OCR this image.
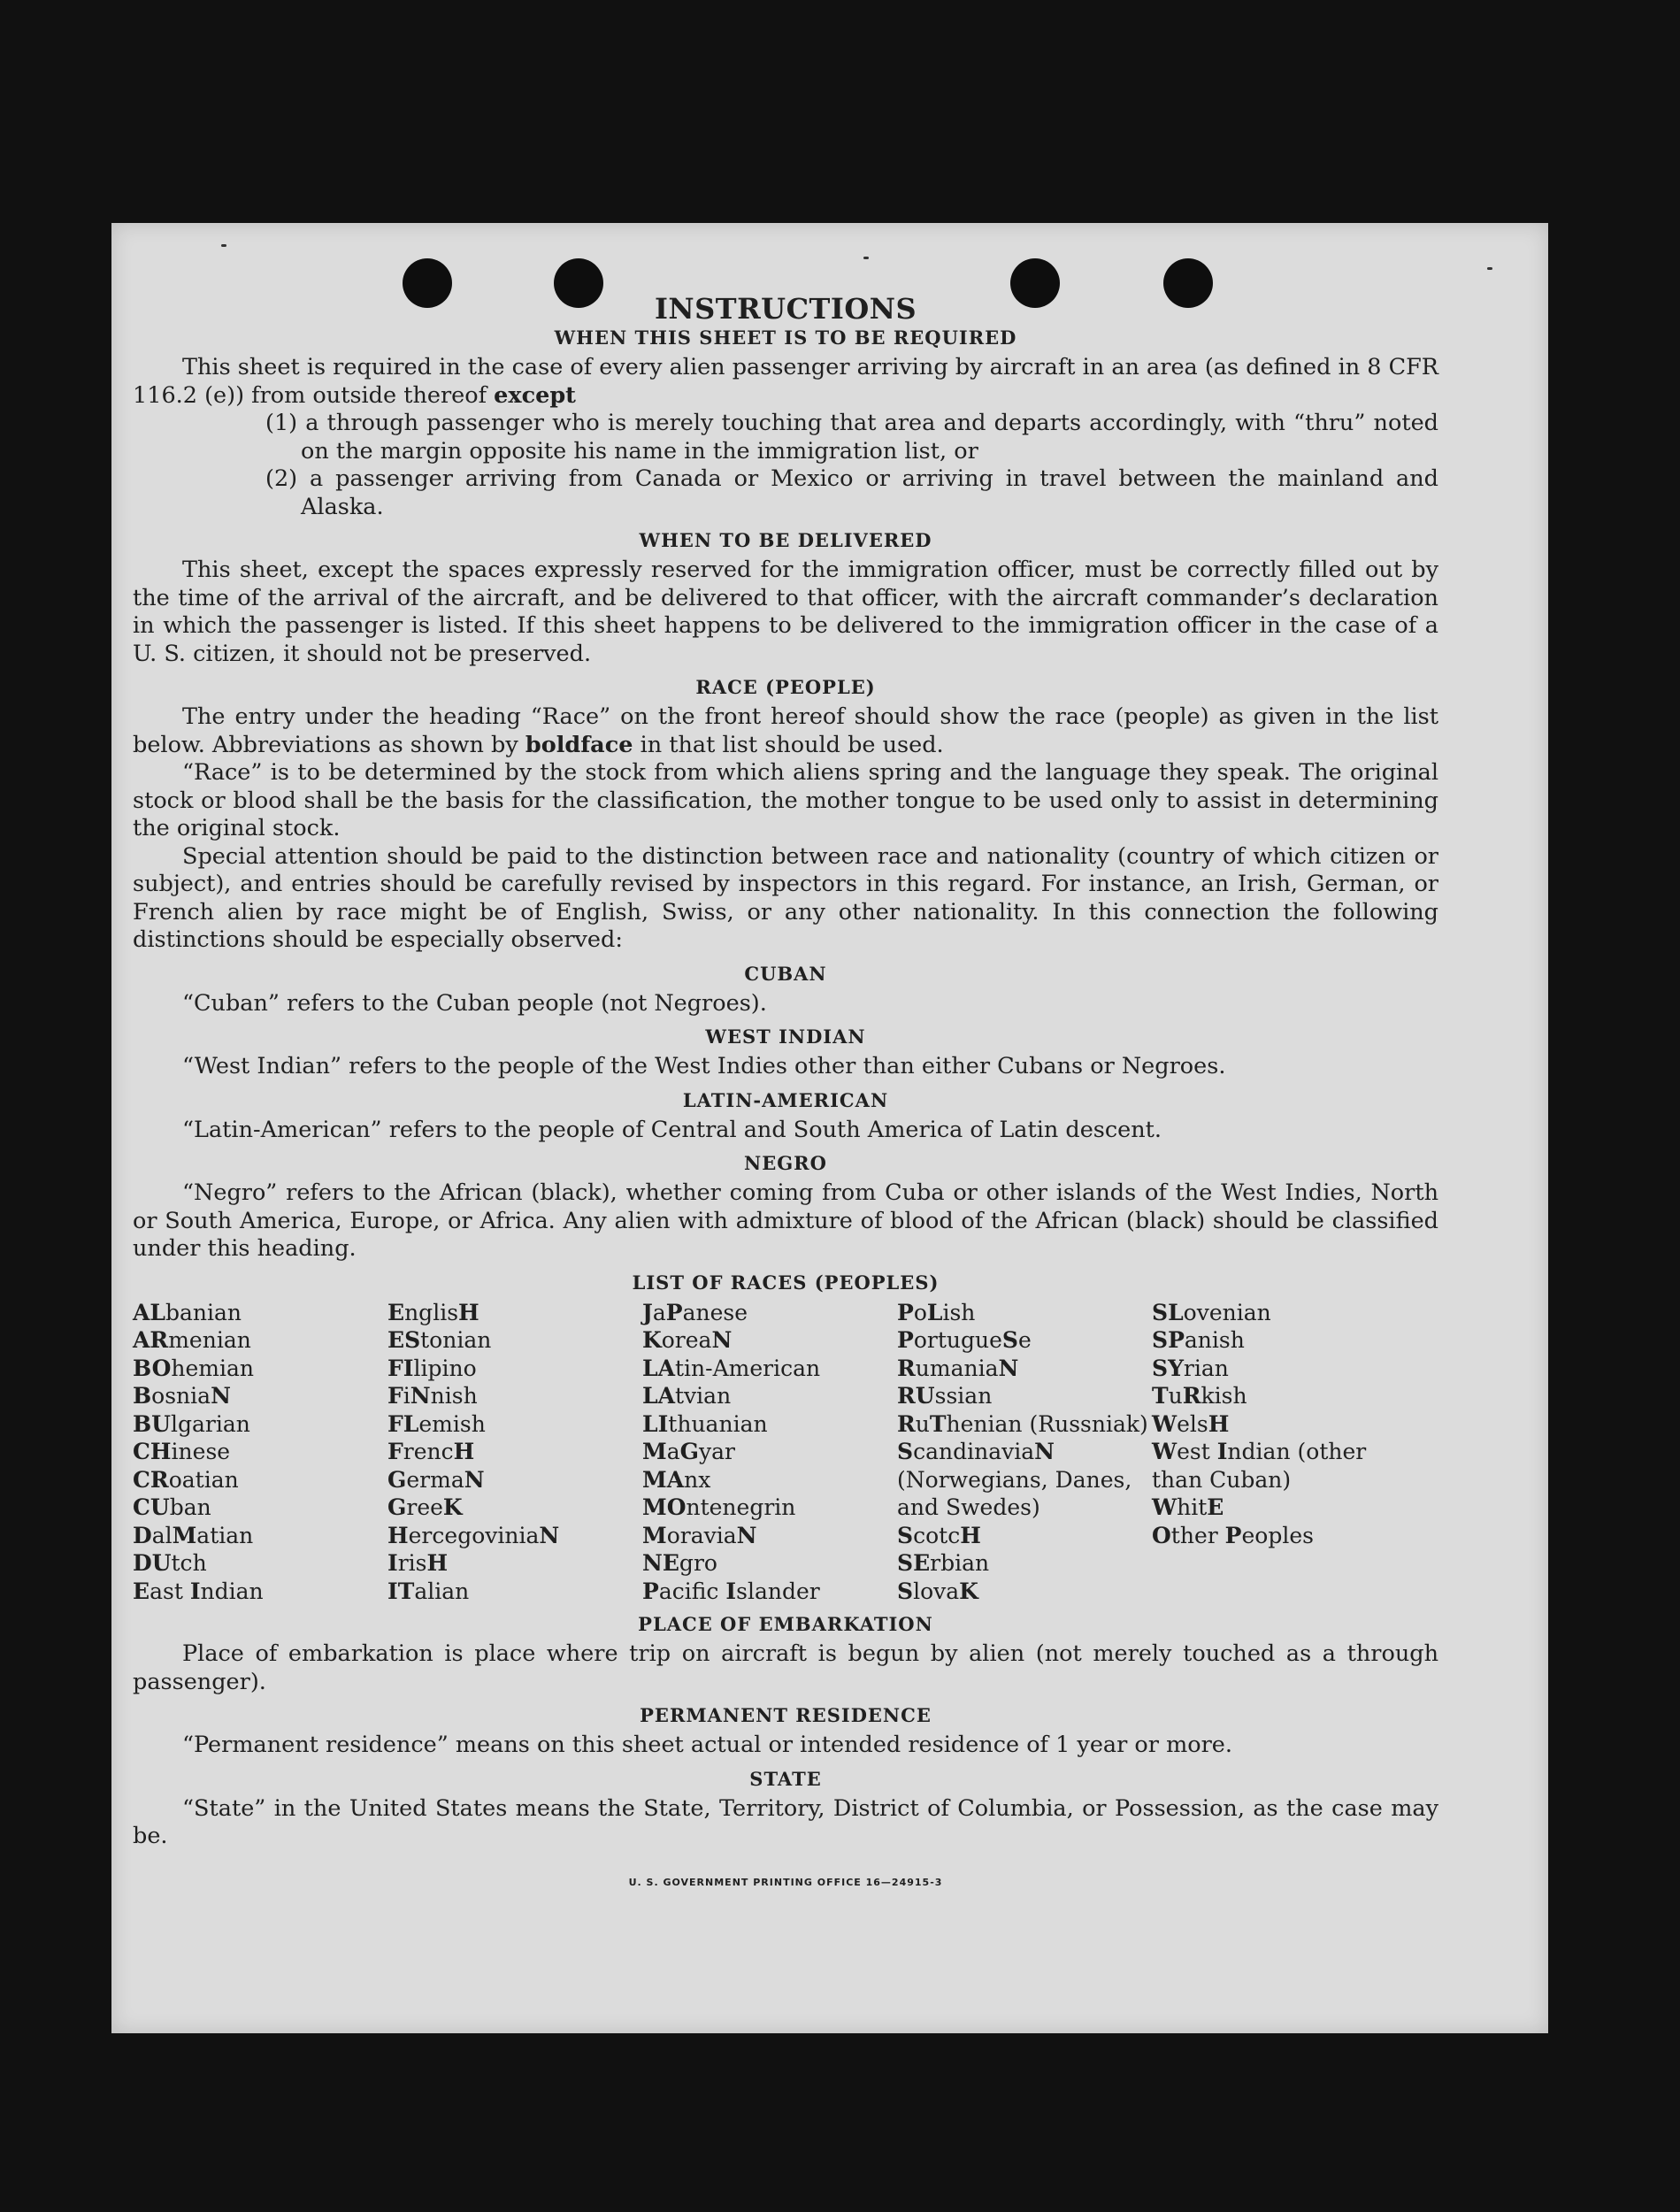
INSTRUCTIONS
WHEN THIS SHEET IS TO BE REQUIRED

This sheet is required in the case of every alien passenger arriving by aircraft in an area (as defined in 8 CFR 116.2 (e)) from outside thereof except

(1) a through passenger who is merely touching that area and departs accordingly, with “thru” noted on the margin opposite his name in the immigration list, or

(2) a passenger arriving from Canada or Mexico or arriving in travel between the mainland and Alaska.

WHEN TO BE DELIVERED

This sheet, except the spaces expressly reserved for the immigration officer, must be correctly filled out by the time of the arrival of the aircraft, and be delivered to that officer, with the aircraft commander’s declaration in which the passenger is listed. If this sheet happens to be delivered to the immigration officer in the case of a U. S. citizen, it should not be preserved.

RACE (PEOPLE)

The entry under the heading “Race” on the front hereof should show the race (people) as given in the list below. Abbreviations as shown by boldface in that list should be used.

“Race” is to be determined by the stock from which aliens spring and the language they speak. The original stock or blood shall be the basis for the classification, the mother tongue to be used only to assist in determining the original stock.

Special attention should be paid to the distinction between race and nationality (country of which citizen or subject), and entries should be carefully revised by inspectors in this regard. For instance, an Irish, German, or French alien by race might be of English, Swiss, or any other nationality. In this connection the following distinctions should be especially observed:

CUBAN

“Cuban” refers to the Cuban people (not Negroes).

WEST INDIAN

“West Indian” refers to the people of the West Indies other than either Cubans or Negroes.

LATIN-AMERICAN

“Latin-American” refers to the people of Central and South America of Latin descent.

NEGRO

“Negro” refers to the African (black), whether coming from Cuba or other islands of the West Indies, North or South America, Europe, or Africa. Any alien with admixture of blood of the African (black) should be classified under this heading.

LIST OF RACES (PEOPLES)
ALbanian
ARmenian
BOhemian
BosniaN
BUlgarian
CHinese
CRoatian
CUban
DalMatian
DUtch
East Indian
EnglisH
EStonian
FIlipino
FiNnish
FLemish
FrencH
GermaN
GreeK
HercegoviniaN
IrisH
ITalian
JaPanese
KoreaN
LAtin-American
LAtvian
LIthuanian
MaGyar
MAnx
MOntenegrin
MoraviaN
NEgro
Pacifc Islander
PoLish
PortugueSe
RumaniaN
RUssian
RuThenian (Russniak)
ScandinaviaN (Norwegians, Danes, and Swedes)
ScotcH
SErbian
SlovaK
SLovenian
SPanish
SYrian
TuRkish
WelsH
West Indian (other than Cuban)
WhitE
Other Peoples
PLACE OF EMBARKATION

Place of embarkation is place where trip on aircraft is begun by alien (not merely touched as a through passenger).

PERMANENT RESIDENCE

“Permanent residence” means on this sheet actual or intended residence of 1 year or more.

STATE

“State” in the United States means the State, Territory, District of Columbia, or Possession, as the case may be.

U. S. GOVERNMENT PRINTING OFFICE 16—24915-3
